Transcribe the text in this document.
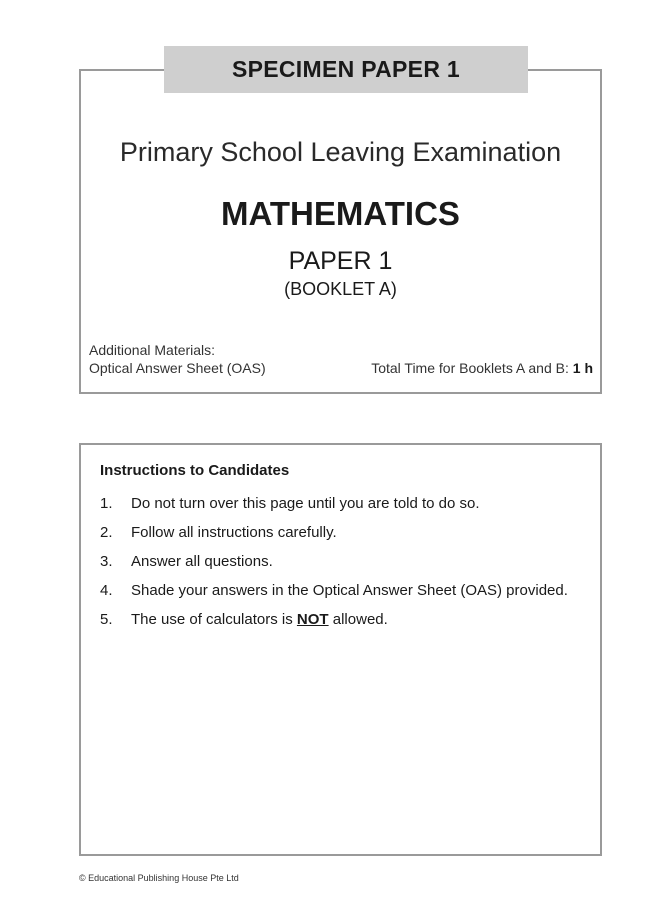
SPECIMEN PAPER 1
Primary School Leaving Examination
MATHEMATICS
PAPER 1
(BOOKLET A)
Additional Materials:
Optical Answer Sheet (OAS)	Total Time for Booklets A and B: 1 h
Instructions to Candidates
1.	Do not turn over this page until you are told to do so.
2.	Follow all instructions carefully.
3.	Answer all questions.
4.	Shade your answers in the Optical Answer Sheet (OAS) provided.
5.	The use of calculators is NOT allowed.
© Educational Publishing House Pte Ltd
